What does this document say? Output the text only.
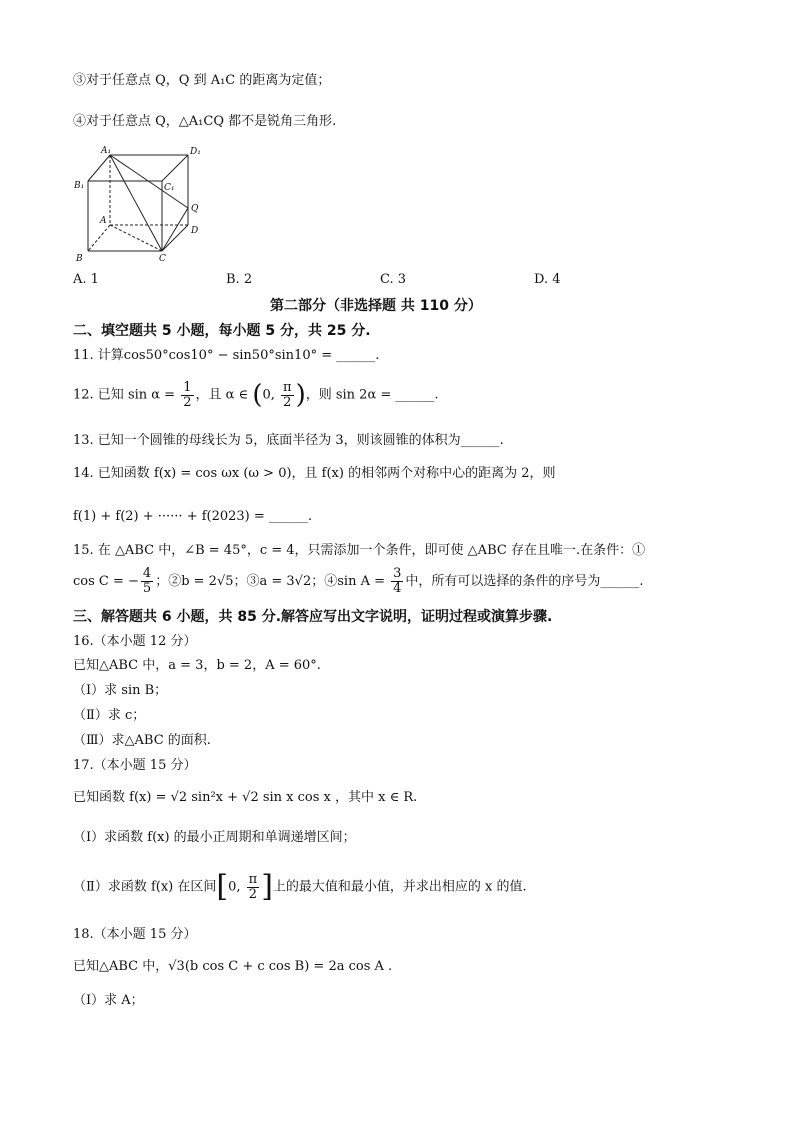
③对于任意点 Q，Q 到 A₁C 的距离为定值；
④对于任意点 Q，△A₁CQ 都不是锐角三角形.
A₁	D₁
B₁	C₁
Q
A
D
B	C
A. 1	B. 2	C. 3	D. 4
第二部分（非选择题 共 110 分）
二、填空题共 5 小题，每小题 5 分，共 25 分.
11. 计算cos50°cos10° − sin50°sin10° = ______.
12. 已知 $\sin \alpha = \frac{1}{2}$ ，且 α ∈ (0, $\frac{\pi}{2}$ )，则 sin 2α = ______.
13. 已知一个圆锥的母线长为 5，底面半径为 3，则该圆锥的体积为______.
14. 已知函数 f(x) = cos ωx (ω > 0)，且 f(x) 的相邻两个对称中心的距离为 2，则
f(1) + f(2) + ······ + f(2023) = ______.
15. 在 △ABC 中，∠B = 45°，c = 4，只需添加一个条件，即可使 △ABC 存在且唯一.在条件：①
cos C = − $\frac{4}{5}$ ；②b = 2√5；③a = 3√2；④sin $A = \frac{3}{4}$ 中，所有可以选择的条件的序号为______.
三、解答题共 6 小题，共 85 分.解答应写出文字说明，证明过程或演算步骤.
16.（本小题 12 分）
已知△ABC 中，a = 3，b = 2，A = 60°.
（Ⅰ）求 sin B；
（Ⅱ）求 c；
（Ⅲ）求△ABC 的面积.
17.（本小题 15 分）
已知函数 f(x) = √2 sin²x + √2 sin x cos x ，其中 x ∈ R.
（Ⅰ）求函数 f(x) 的最小正周期和单调递增区间；
（Ⅱ）求函数 f(x) 在区间[0, $\frac{\pi}{2}$ ]上的最大值和最小值，并求出相应的 x 的值.
18.（本小题 15 分）
已知△ABC 中，√3(b cos C + c cos B) = 2a cos A .
（Ⅰ）求 A；
